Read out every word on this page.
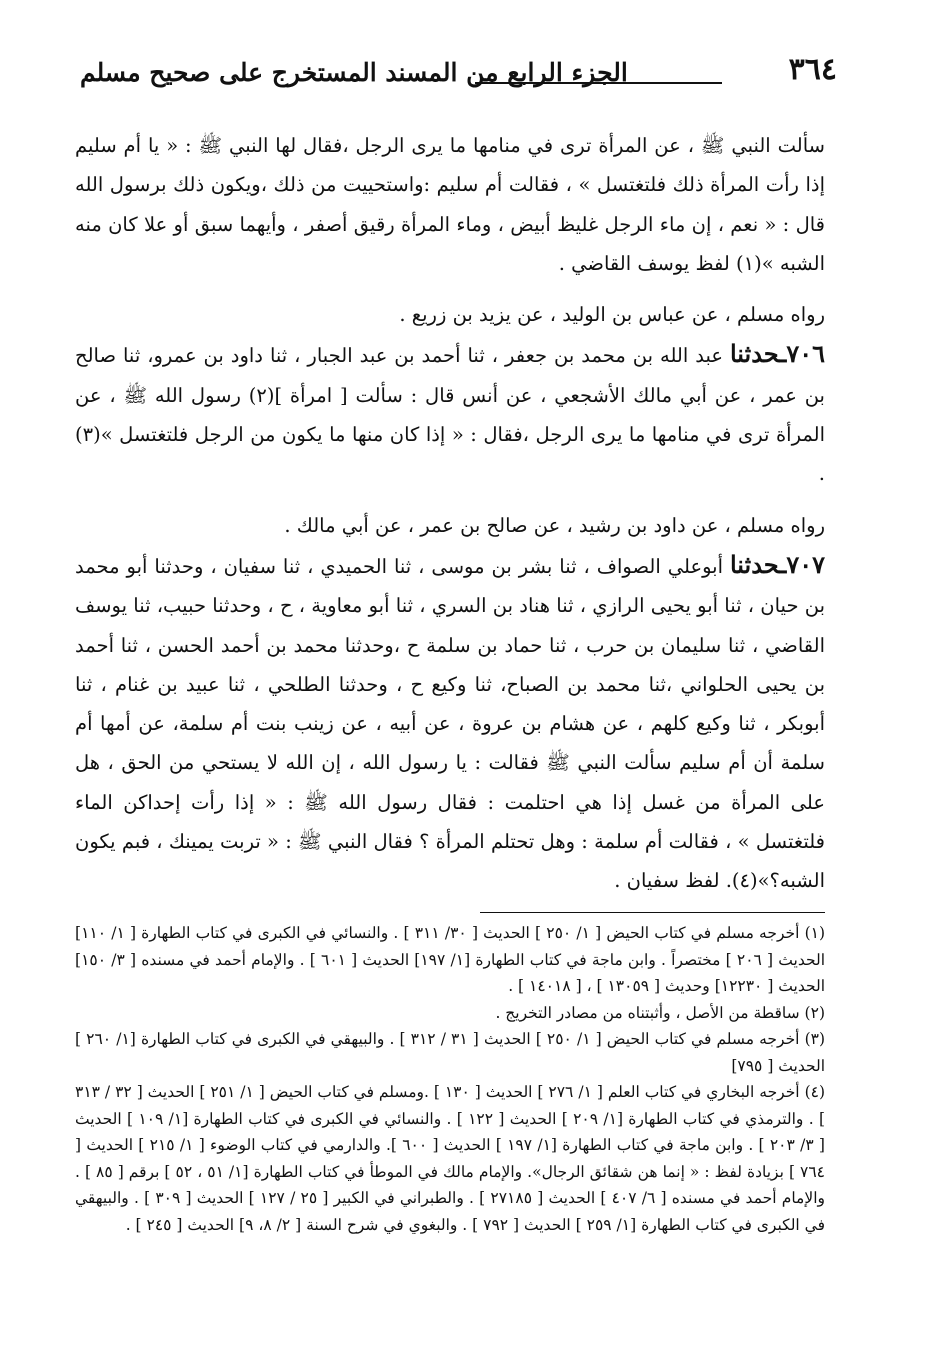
٣٦٤
الجزء الرابع من المسند المستخرج على صحيح مسلم

سألت النبي ﷺ ، عن المرأة ترى في منامها ما يرى الرجل ،فقال لها النبي ﷺ : « يا أم سليم إذا رأت المرأة ذلك فلتغتسل » ، فقالت أم سليم :واستحييت من ذلك ،ويكون ذلك برسول الله قال : « نعم ، إن ماء الرجل غليظ أبيض ، وماء المرأة رقيق أصفر ، وأيهما سبق أو علا كان منه الشبه »(١) لفظ يوسف القاضي .

رواه مسلم ، عن عباس بن الوليد ، عن يزيد بن زريع .

٧٠٦ـحدثنا عبد الله بن محمد بن جعفر ، ثنا أحمد بن عبد الجبار ، ثنا داود بن عمرو، ثنا صالح بن عمر ، عن أبي مالك الأشجعي ، عن أنس قال : سألت [ امرأة ](٢) رسول الله ﷺ ، عن المرأة ترى في منامها ما يرى الرجل ،فقال : « إذا كان منها ما يكون من الرجل فلتغتسل »(٣) .

رواه مسلم ، عن داود بن رشيد ، عن صالح بن عمر ، عن أبي مالك .

٧٠٧ـحدثنا أبوعلي الصواف ، ثنا بشر بن موسى ، ثنا الحميدي ، ثنا سفيان ، وحدثنا أبو محمد بن حيان ، ثنا أبو يحيى الرازي ، ثنا هناد بن السري ، ثنا أبو معاوية ، ح ، وحدثنا حبيب، ثنا يوسف القاضي ، ثنا سليمان بن حرب ، ثنا حماد بن سلمة ح ،وحدثنا محمد بن أحمد الحسن ، ثنا أحمد بن يحيى الحلواني ،ثنا محمد بن الصباح، ثنا وكيع ح ، وحدثنا الطلحي ، ثنا عبيد بن غنام ، ثنا أبوبكر ، ثنا وكيع كلهم ، عن هشام بن عروة ، عن أبيه ، عن زينب بنت أم سلمة، عن أمها أم سلمة أن أم سليم سألت النبي ﷺ فقالت : يا رسول الله ، إن الله لا يستحي من الحق ، هل على المرأة من غسل إذا هي احتلمت : فقال رسول الله ﷺ : « إذا رأت إحداكن الماء فلتغتسل » ، فقالت أم سلمة : وهل تحتلم المرأة ؟ فقال النبي ﷺ : « تربت يمينك ، فبم يكون الشبه؟»(٤). لفظ سفيان .

(١) أخرجه مسلم في كتاب الحيض [ ١/ ٢٥٠ ] الحديث [ ٣٠/ ٣١١ ] . والنسائي في الكبرى في كتاب الطهارة [ ١/ ١١٠] الحديث [ ٢٠٦ ] مختصراً . وابن ماجة في كتاب الطهارة [١/ ١٩٧] الحديث [ ٦٠١ ] . والإمام أحمد في مسنده [ ٣/ ١٥٠] الحديث [ ١٢٢٣٠] وحديث [ ١٣٠٥٩ ] ، [ ١٤٠١٨ ] .

(٢) ساقطة من الأصل ، وأثبتناه من مصادر التخريج .

(٣) أخرجه مسلم في كتاب الحيض [ ١/ ٢٥٠ ] الحديث [ ٣١ / ٣١٢ ] . والبيهقي في الكبرى في كتاب الطهارة [١/ ٢٦٠ ] الحديث [ ٧٩٥]

(٤) أخرجه البخاري في كتاب العلم [ ١/ ٢٧٦ ] الحديث [ ١٣٠ ] .ومسلم في كتاب الحيض [ ١/ ٢٥١ ] الحديث [ ٣٢ / ٣١٣ ] . والترمذي في كتاب الطهارة [١/ ٢٠٩ ] الحديث [ ١٢٢ ] . والنسائي في الكبرى في كتاب الطهارة [١/ ١٠٩ ] الحديث [ ٣/ ٢٠٣ ] . وابن ماجة في كتاب الطهارة [١/ ١٩٧ ] الحديث [ ٦٠٠ ]. والدارمي في كتاب الوضوء [ ١/ ٢١٥ ] الحديث [ ٧٦٤ ] بزيادة لفظ : « إنما هن شقائق الرجال». والإمام مالك في الموطأ في كتاب الطهارة [١/ ٥١ ، ٥٢ ] برقم [ ٨٥ ] . والإمام أحمد في مسنده [ ٦/ ٤٠٧ ] الحديث [ ٢٧١٨٥ ] . والطبراني في الكبير [ ٢٥ / ١٢٧ ] الحديث [ ٣٠٩ ] . والبيهقي في الكبرى في كتاب الطهارة [١/ ٢٥٩ ] الحديث [ ٧٩٢ ] . والبغوي في شرح السنة [ ٢/ ٨، ٩] الحديث [ ٢٤٥ ] .
